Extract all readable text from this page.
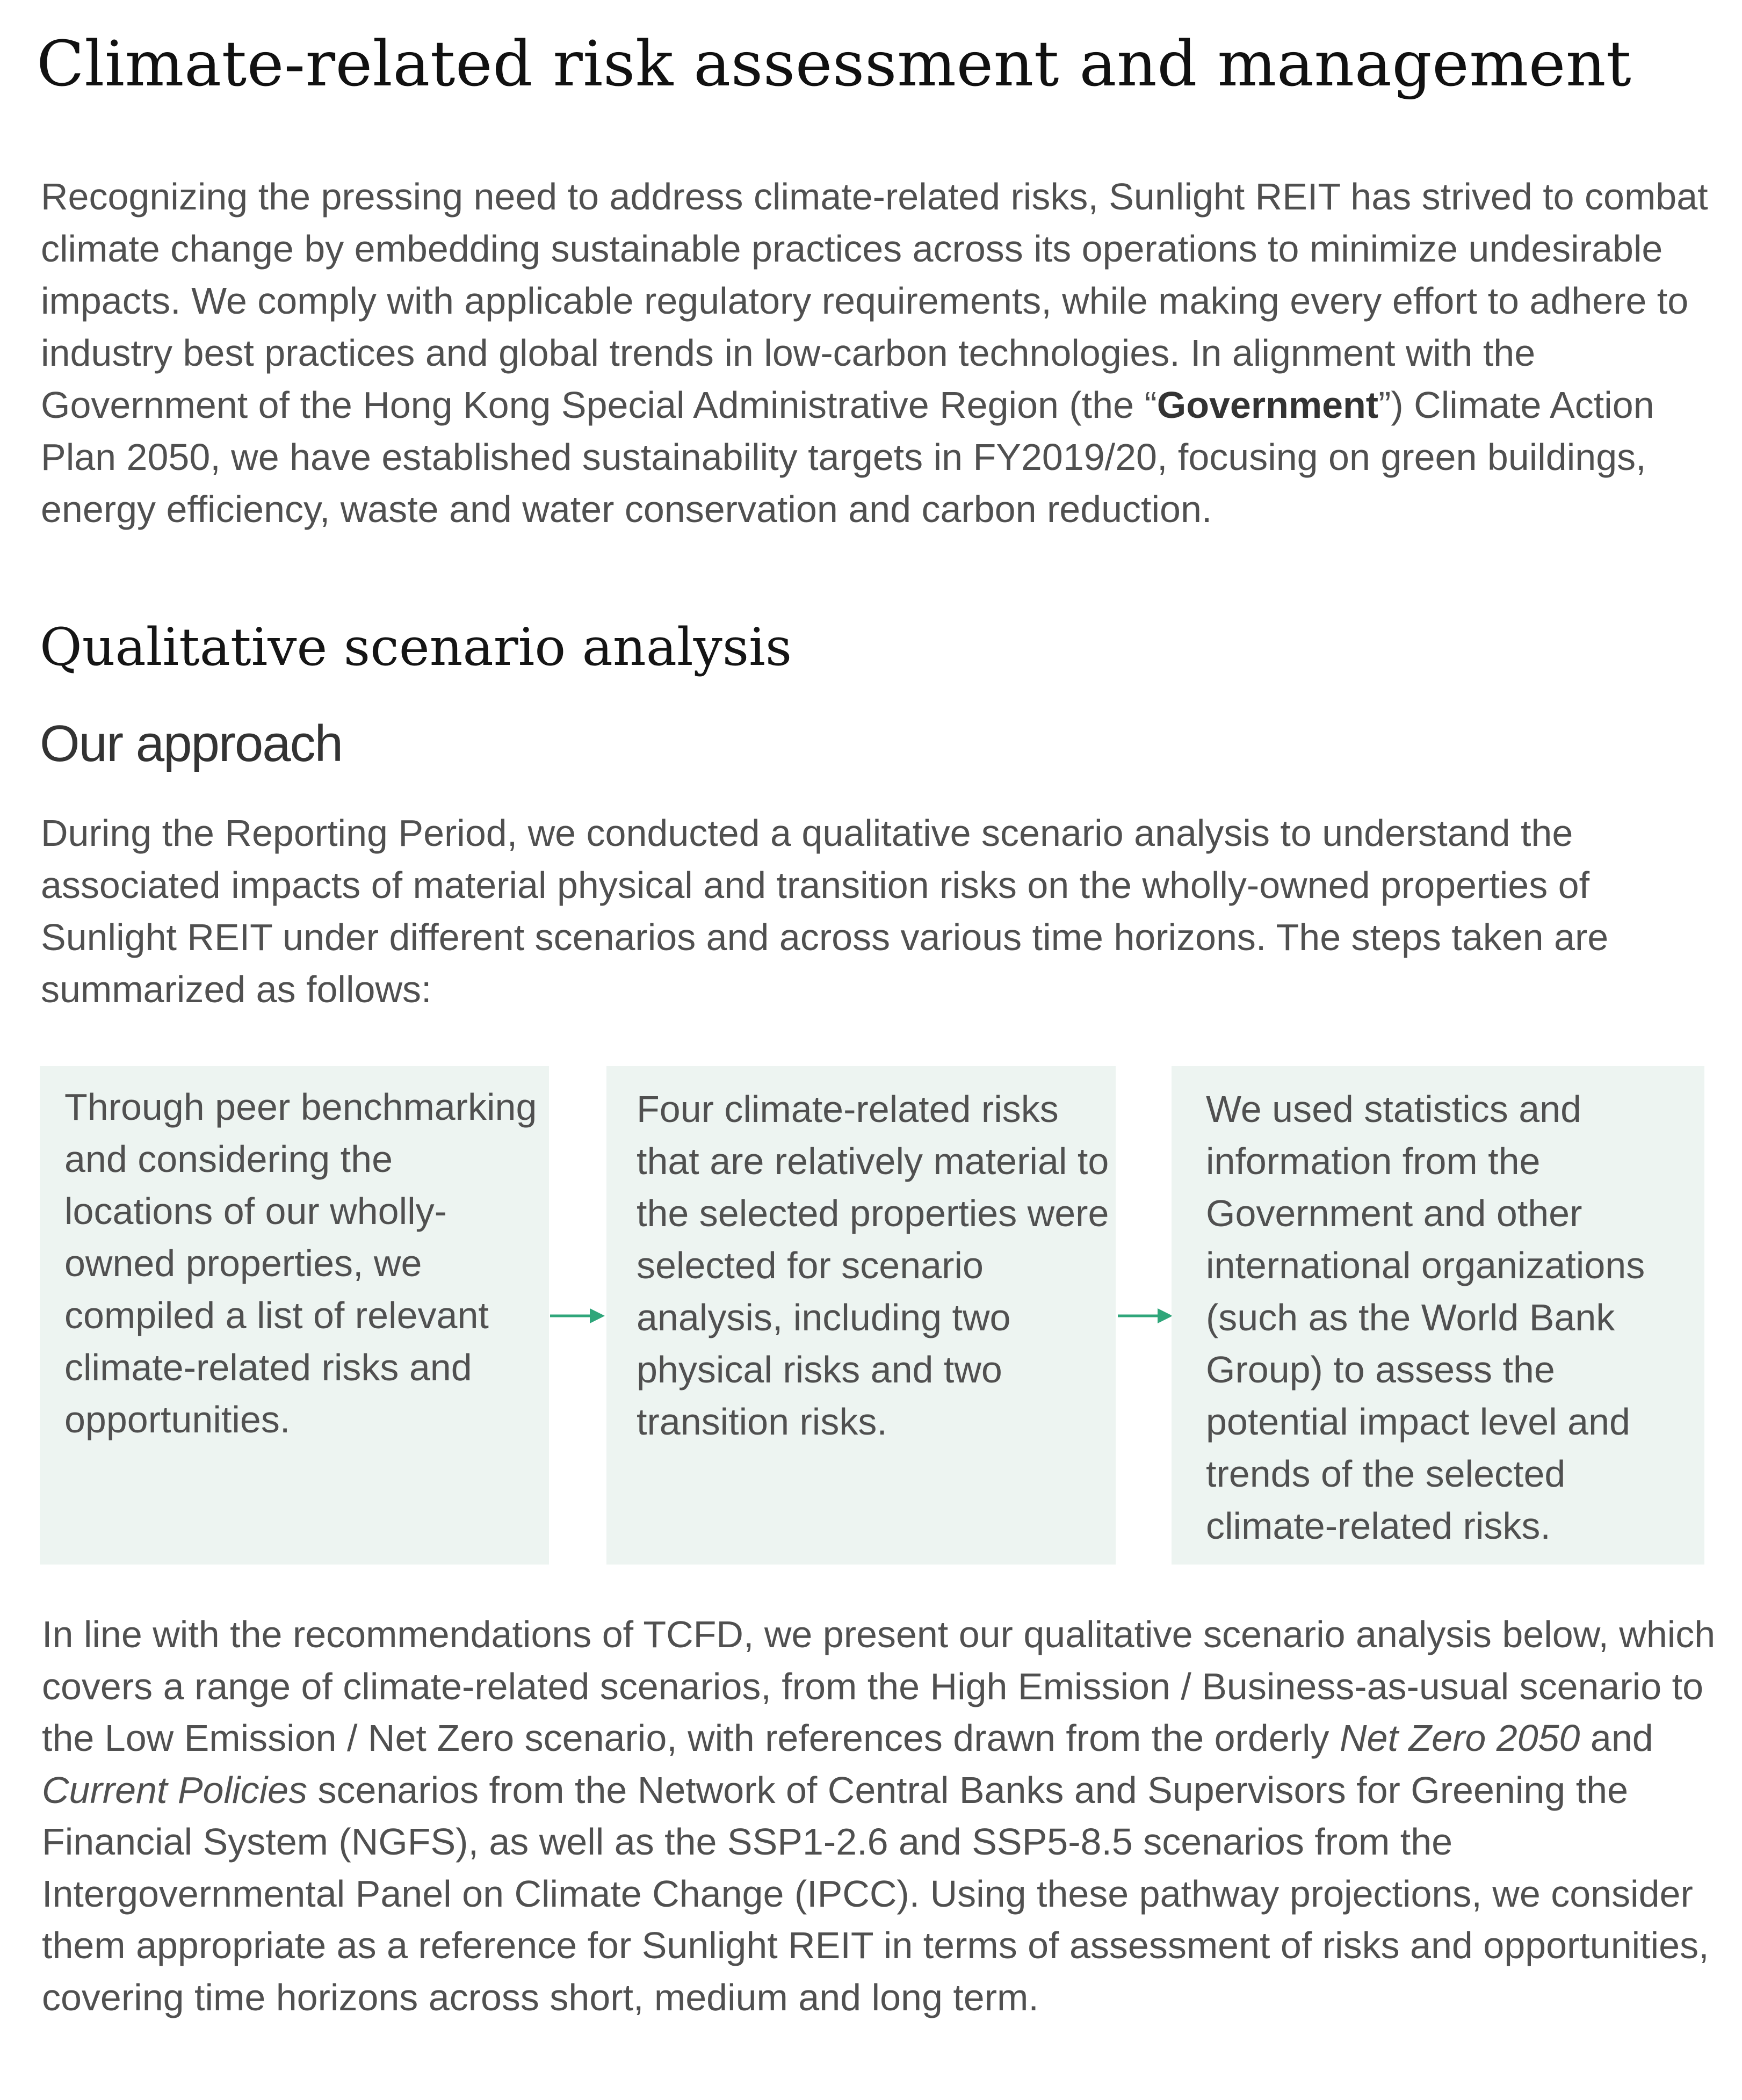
Climate-related risk assessment and management

Recognizing the pressing need to address climate-related risks, Sunlight REIT has strived to combat climate change by embedding sustainable practices across its operations to minimize undesirable impacts. We comply with applicable regulatory requirements, while making every effort to adhere to industry best practices and global trends in low-carbon technologies. In alignment with the Government of the Hong Kong Special Administrative Region (the “Government”) Climate Action Plan 2050, we have established sustainability targets in FY2019/20, focusing on green buildings, energy efficiency, waste and water conservation and carbon reduction.

Qualitative scenario analysis
Our approach

During the Reporting Period, we conducted a qualitative scenario analysis to understand the associated impacts of material physical and transition risks on the wholly-owned properties of Sunlight REIT under different scenarios and across various time horizons. The steps taken are summarized as follows:

Through peer benchmarking and considering the locations of our wholly-owned properties, we compiled a list of relevant climate-related risks and opportunities.

Four climate-related risks that are relatively material to the selected properties were selected for scenario analysis, including two physical risks and two transition risks.

We used statistics and information from the Government and other international organizations (such as the World Bank Group) to assess the potential impact level and trends of the selected climate-related risks.

In line with the recommendations of TCFD, we present our qualitative scenario analysis below, which covers a range of climate-related scenarios, from the High Emission / Business-as-usual scenario to the Low Emission / Net Zero scenario, with references drawn from the orderly Net Zero 2050 and Current Policies scenarios from the Network of Central Banks and Supervisors for Greening the Financial System (NGFS), as well as the SSP1-2.6 and SSP5-8.5 scenarios from the Intergovernmental Panel on Climate Change (IPCC). Using these pathway projections, we consider them appropriate as a reference for Sunlight REIT in terms of assessment of risks and opportunities, covering time horizons across short, medium and long term.
